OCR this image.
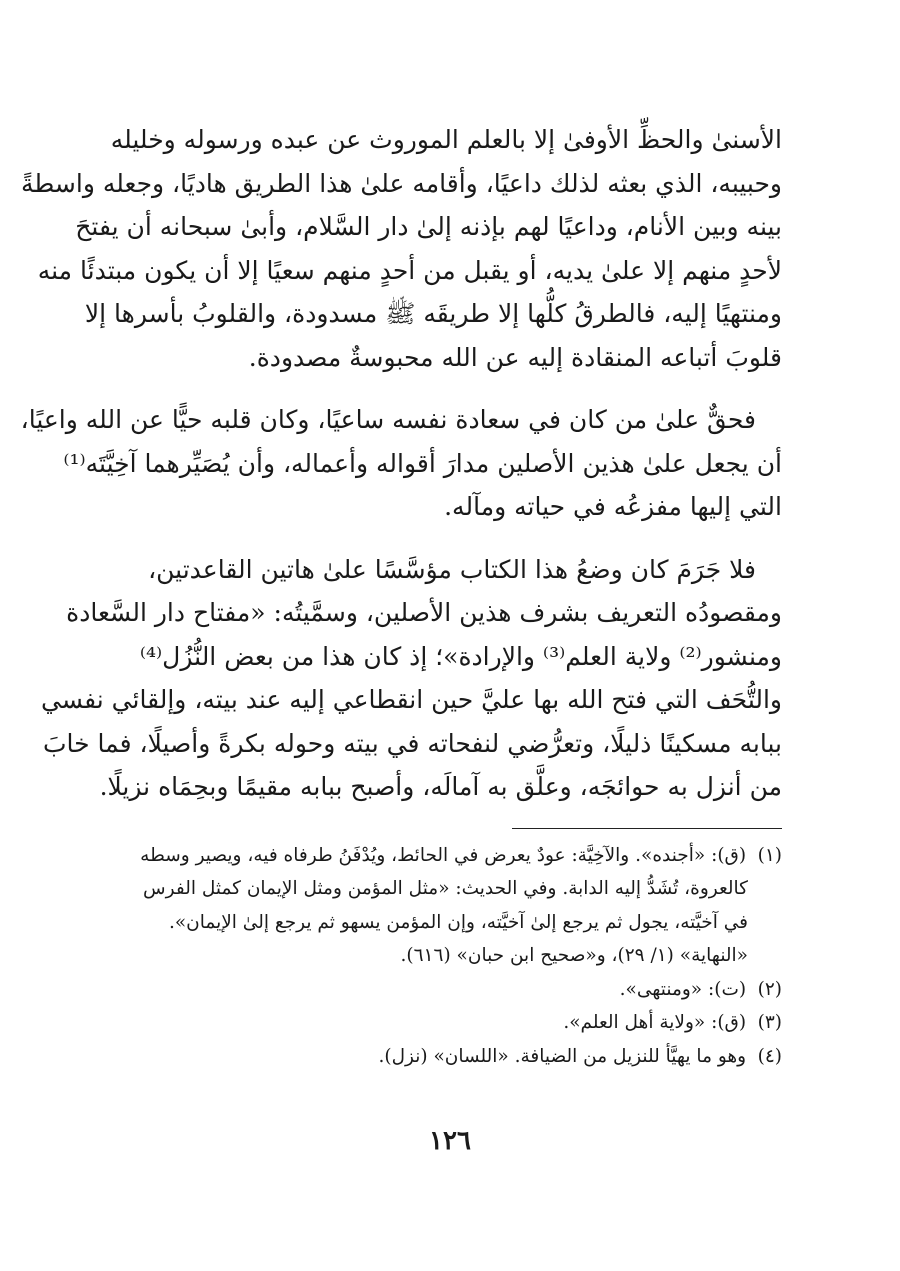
الأسنىٰ والحظِّ الأوفىٰ إلا بالعلم الموروث عن عبده ورسوله وخليله
وحبيبه، الذي بعثه لذلك داعيًا، وأقامه علىٰ هذا الطريق هاديًا، وجعله واسطةً
بينه وبين الأنام، وداعيًا لهم بإذنه إلىٰ دار السَّلام، وأبىٰ سبحانه أن يفتحَ
لأحدٍ منهم إلا علىٰ يديه، أو يقبل من أحدٍ منهم سعيًا إلا أن يكون مبتدئًا منه
ومنتهيًا إليه، فالطرقُ كلُّها إلا طريقَه ﷺ مسدودة، والقلوبُ بأسرها إلا
قلوبَ أتباعه المنقادة إليه عن الله محبوسةٌ مصدودة.
فحقٌّ علىٰ من كان في سعادة نفسه ساعيًا، وكان قلبه حيًّا عن الله واعيًا،
أن يجعل علىٰ هذين الأصلين مدارَ أقواله وأعماله، وأن يُصَيِّرهما آخِيَّتَه⁽¹⁾
التي إليها مفزعُه في حياته ومآله.
فلا جَرَمَ كان وضعُ هذا الكتاب مؤسَّسًا علىٰ هاتين القاعدتين،
ومقصودُه التعريف بشرف هذين الأصلين، وسمَّيتُه: «مفتاح دار السَّعادة
ومنشور⁽²⁾ ولاية العلم⁽³⁾ والإرادة»؛ إذ كان هذا من بعض النُّزُل⁽⁴⁾
والتُّحَف التي فتح الله بها عليَّ حين انقطاعي إليه عند بيته، وإلقائي نفسي
ببابه مسكينًا ذليلًا، وتعرُّضي لنفحاته في بيته وحوله بكرةً وأصيلًا، فما خابَ
من أنزل به حوائجَه، وعلَّق به آمالَه، وأصبح ببابه مقيمًا وبحِمَاه نزيلًا.
(١) (ق): «أجنده». والآخِيَّة: عودٌ يعرض في الحائط، ويُدْفَنُ طرفاه فيه، ويصير وسطه
كالعروة، تُشَدُّ إليه الدابة. وفي الحديث: «مثل المؤمن ومثل الإيمان كمثل الفرس
في آخيَّته، يجول ثم يرجع إلىٰ آخيَّته، وإن المؤمن يسهو ثم يرجع إلىٰ الإيمان».
«النهاية» (١/ ٢٩)، و«صحيح ابن حبان» (٦١٦).
(٢) (ت): «ومنتهى».
(٣) (ق): «ولاية أهل العلم».
(٤) وهو ما يهيَّأ للنزيل من الضيافة. «اللسان» (نزل).
١٢٦
